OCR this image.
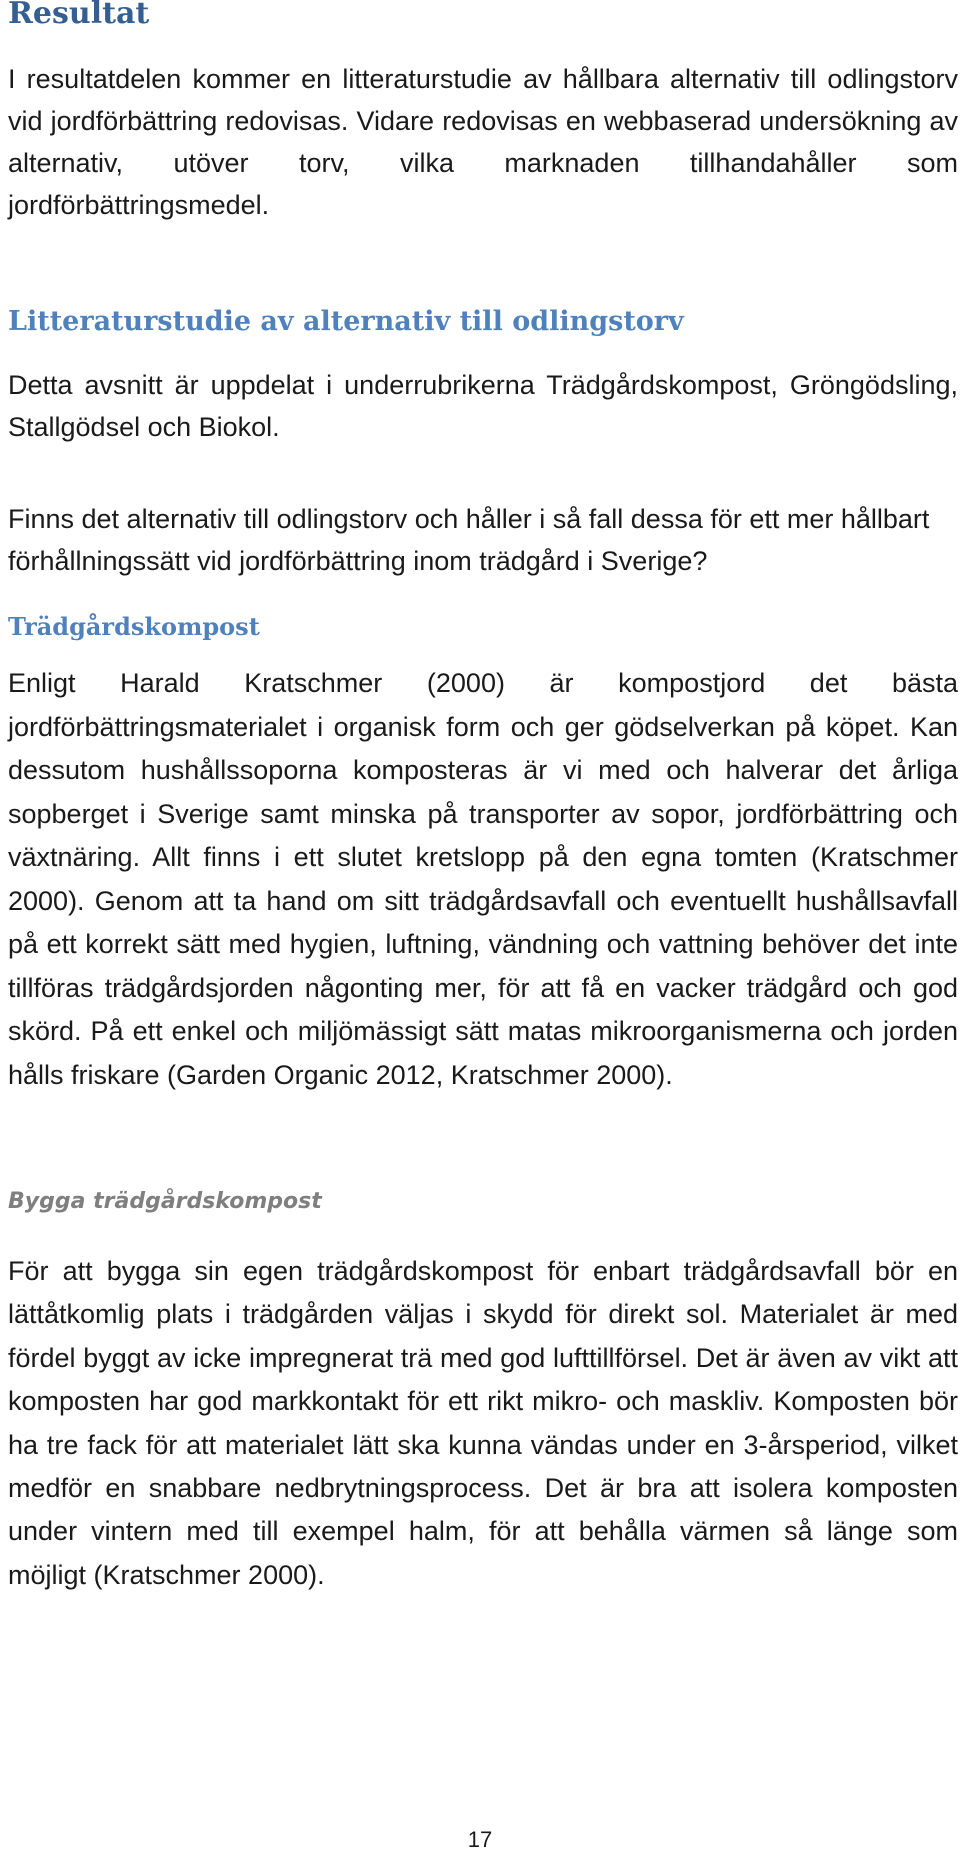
Resultat

I resultatdelen kommer en litteraturstudie av hållbara alternativ till odlingstorv vid jordförbättring redovisas. Vidare redovisas en webbaserad undersökning av alternativ, utöver torv, vilka marknaden tillhandahåller som jordförbättringsmedel.

Litteraturstudie av alternativ till odlingstorv

Detta avsnitt är uppdelat i underrubrikerna Trädgårdskompost, Gröngödsling, Stallgödsel och Biokol.

Finns det alternativ till odlingstorv och håller i så fall dessa för ett mer hållbart förhållningssätt vid jordförbättring inom trädgård i Sverige?

Trädgårdskompost

Enligt Harald Kratschmer (2000) är kompostjord det bästa jordförbättringsmaterialet i organisk form och ger gödselverkan på köpet. Kan dessutom hushållssoporna komposteras är vi med och halverar det årliga sopberget i Sverige samt minska på transporter av sopor, jordförbättring och växtnäring. Allt finns i ett slutet kretslopp på den egna tomten (Kratschmer 2000). Genom att ta hand om sitt trädgårdsavfall och eventuellt hushållsavfall på ett korrekt sätt med hygien, luftning, vändning och vattning behöver det inte tillföras trädgårdsjorden någonting mer, för att få en vacker trädgård och god skörd. På ett enkel och miljömässigt sätt matas mikroorganismerna och jorden hålls friskare (Garden Organic 2012, Kratschmer 2000).

Bygga trädgårdskompost

För att bygga sin egen trädgårdskompost för enbart trädgårdsavfall bör en lättåtkomlig plats i trädgården väljas i skydd för direkt sol. Materialet är med fördel byggt av icke impregnerat trä med god lufttillförsel. Det är även av vikt att komposten har god markkontakt för ett rikt mikro- och maskliv. Komposten bör ha tre fack för att materialet lätt ska kunna vändas under en 3-årsperiod, vilket medför en snabbare nedbrytningsprocess. Det är bra att isolera komposten under vintern med till exempel halm, för att behålla värmen så länge som möjligt (Kratschmer 2000).

17
